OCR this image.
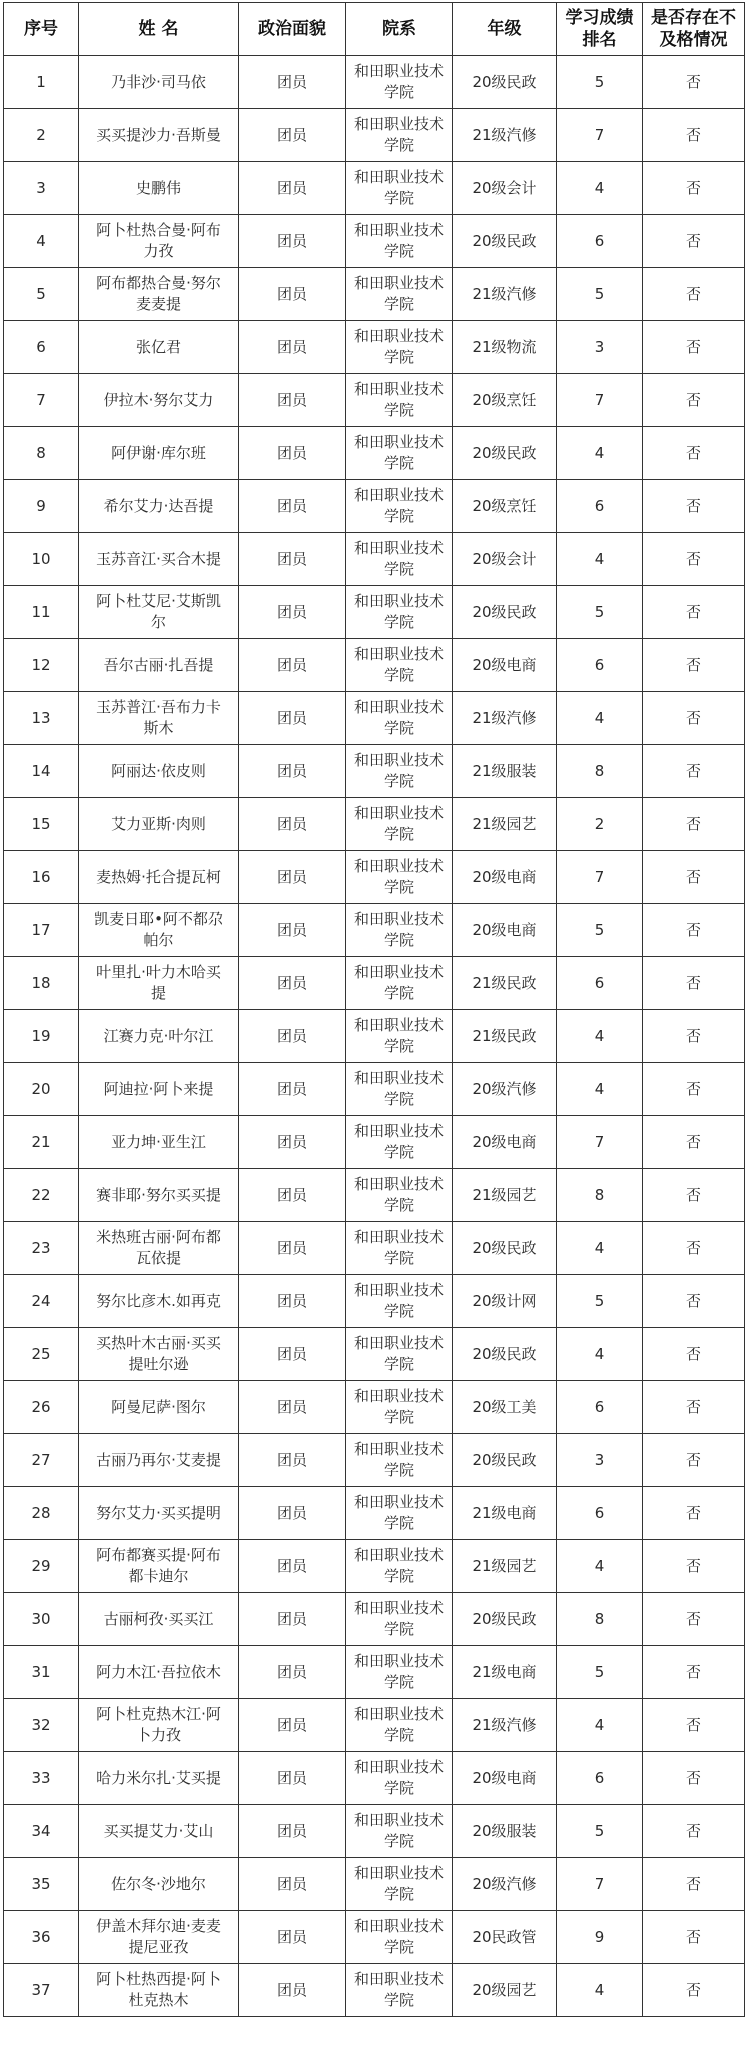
序号	姓 名	政治面貌	院系	年级	学习成绩排名	是否存在不及格情况
1	乃非沙·司马依	团员	和田职业技术学院	20级民政	5	否
2	买买提沙力·吾斯曼	团员	和田职业技术学院	21级汽修	7	否
3	史鹏伟	团员	和田职业技术学院	20级会计	4	否
4	阿卜杜热合曼·阿布力孜	团员	和田职业技术学院	20级民政	6	否
5	阿布都热合曼·努尔麦麦提	团员	和田职业技术学院	21级汽修	5	否
6	张亿君	团员	和田职业技术学院	21级物流	3	否
7	伊拉木·努尔艾力	团员	和田职业技术学院	20级烹饪	7	否
8	阿伊谢·库尔班	团员	和田职业技术学院	20级民政	4	否
9	希尔艾力·达吾提	团员	和田职业技术学院	20级烹饪	6	否
10	玉苏音江·买合木提	团员	和田职业技术学院	20级会计	4	否
11	阿卜杜艾尼·艾斯凯尔	团员	和田职业技术学院	20级民政	5	否
12	吾尔古丽·扎吾提	团员	和田职业技术学院	20级电商	6	否
13	玉苏普江·吾布力卡斯木	团员	和田职业技术学院	21级汽修	4	否
14	阿丽达·依皮则	团员	和田职业技术学院	21级服装	8	否
15	艾力亚斯·肉则	团员	和田职业技术学院	21级园艺	2	否
16	麦热姆·托合提瓦柯	团员	和田职业技术学院	20级电商	7	否
17	凯麦日耶•阿不都尕帕尔	团员	和田职业技术学院	20级电商	5	否
18	叶里扎·叶力木哈买提	团员	和田职业技术学院	21级民政	6	否
19	江赛力克·叶尔江	团员	和田职业技术学院	21级民政	4	否
20	阿迪拉·阿卜来提	团员	和田职业技术学院	20级汽修	4	否
21	亚力坤·亚生江	团员	和田职业技术学院	20级电商	7	否
22	赛非耶·努尔买买提	团员	和田职业技术学院	21级园艺	8	否
23	米热班古丽·阿布都瓦依提	团员	和田职业技术学院	20级民政	4	否
24	努尔比彦木.如再克	团员	和田职业技术学院	20级计网	5	否
25	买热叶木古丽·买买提吐尔逊	团员	和田职业技术学院	20级民政	4	否
26	阿曼尼萨·图尔	团员	和田职业技术学院	20级工美	6	否
27	古丽乃再尔·艾麦提	团员	和田职业技术学院	20级民政	3	否
28	努尔艾力·买买提明	团员	和田职业技术学院	21级电商	6	否
29	阿布都赛买提·阿布都卡迪尔	团员	和田职业技术学院	21级园艺	4	否
30	古丽柯孜·买买江	团员	和田职业技术学院	20级民政	8	否
31	阿力木江·吾拉依木	团员	和田职业技术学院	21级电商	5	否
32	阿卜杜克热木江·阿卜力孜	团员	和田职业技术学院	21级汽修	4	否
33	哈力米尔扎·艾买提	团员	和田职业技术学院	20级电商	6	否
34	买买提艾力·艾山	团员	和田职业技术学院	20级服装	5	否
35	佐尔冬·沙地尔	团员	和田职业技术学院	20级汽修	7	否
36	伊盖木拜尔迪·麦麦提尼亚孜	团员	和田职业技术学院	20民政管	9	否
37	阿卜杜热西提·阿卜杜克热木	团员	和田职业技术学院	20级园艺	4	否
